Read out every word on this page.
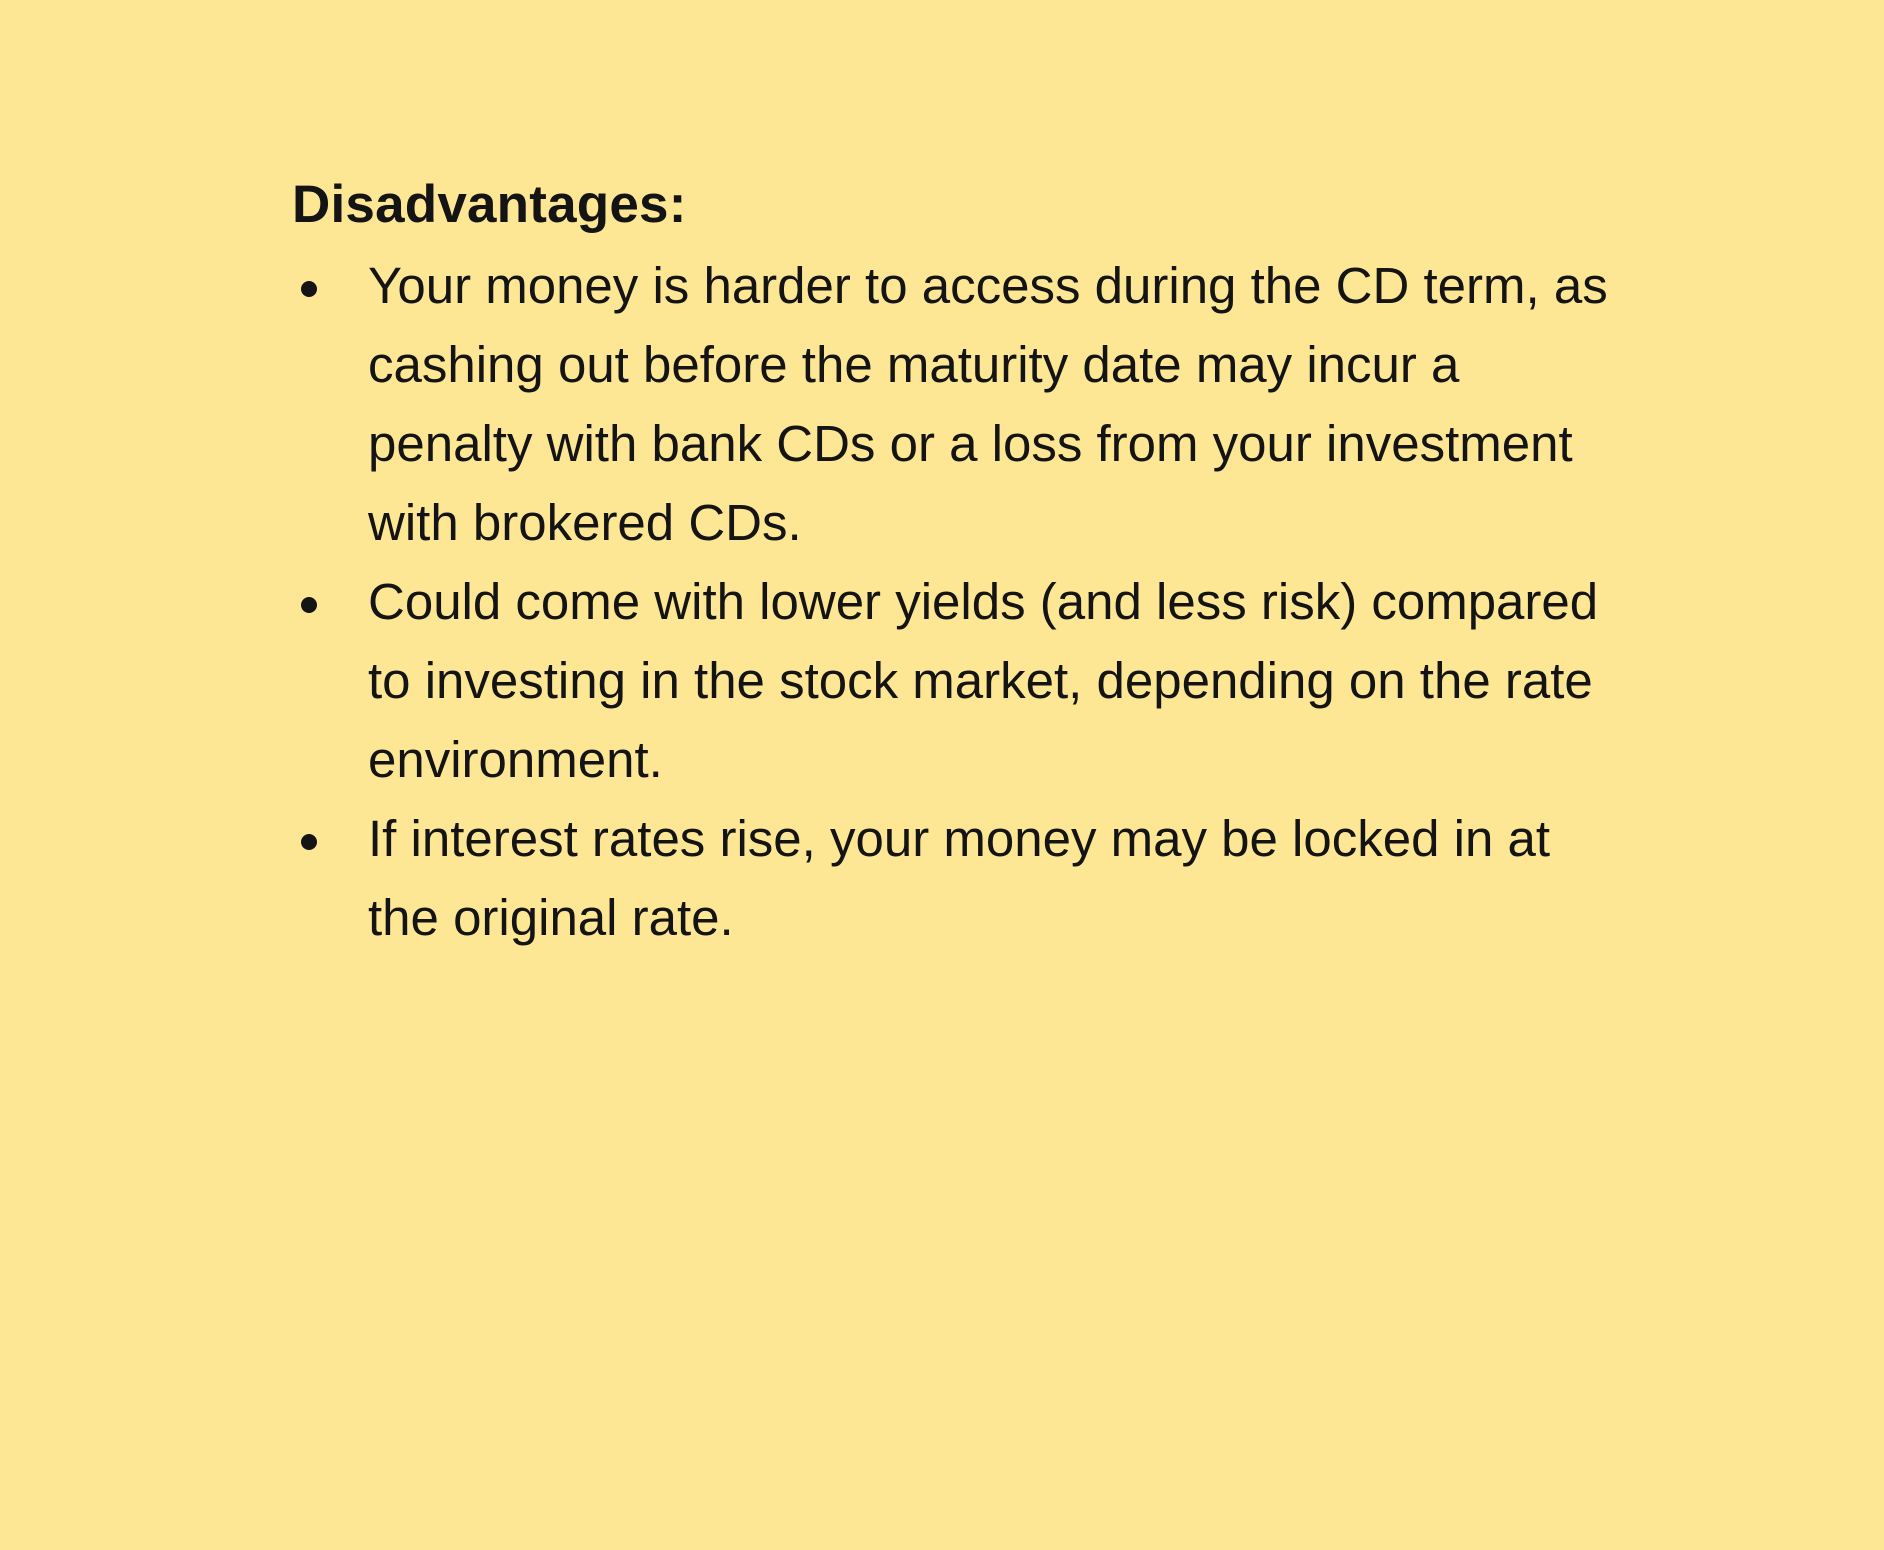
Disadvantages:
Your money is harder to access during the CD term, as cashing out before the maturity date may incur a penalty with bank CDs or a loss from your investment with brokered CDs.
Could come with lower yields (and less risk) compared to investing in the stock market, depending on the rate environment.
If interest rates rise, your money may be locked in at the original rate.
